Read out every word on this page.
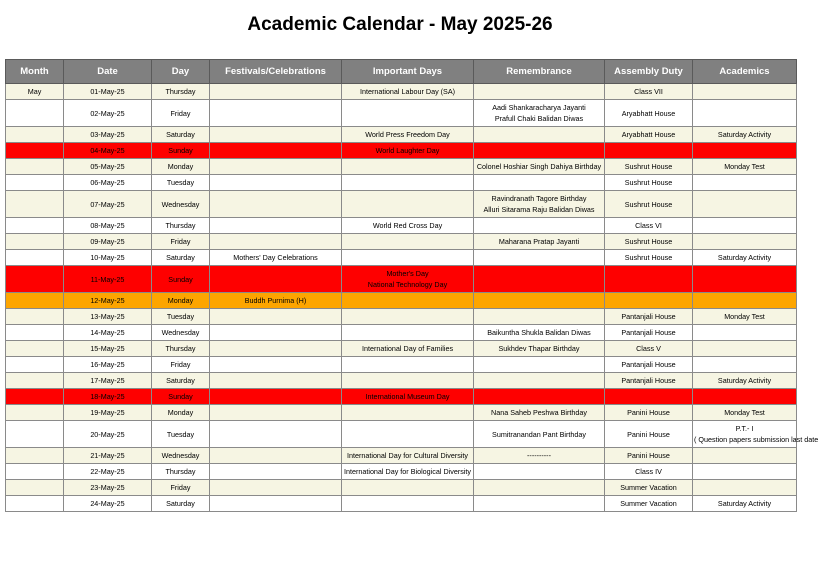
Academic Calendar - May 2025-26
Month	Date	Day	Festivals/Celebrations	Important Days	Remembrance	Assembly Duty	Academics
May	01-May-25	Thursday		International Labour Day (SA)		Class VII	
	02-May-25	Friday			Aadi Shankaracharya Jayanti
Prafull Chaki Balidan Diwas	Aryabhatt House	
	03-May-25	Saturday		World Press Freedom Day		Aryabhatt House	Saturday Activity

	04-May-25	Sunday		World Laughter Day			

	05-May-25	Monday			Colonel Hoshiar Singh Dahiya Birthday	Sushrut House	Monday Test

	06-May-25	Tuesday				Sushrut House	
	07-May-25	Wednesday			Ravindranath Tagore Birthday
Alluri Sitarama Raju Balidan Diwas	Sushrut House	
	08-May-25	Thursday		World Red Cross Day		Class VI	
	09-May-25	Friday			Maharana Pratap Jayanti	Sushrut House	
	10-May-25	Saturday	Mothers' Day Celebrations			Sushrut House	Saturday Activity

	11-May-25	Sunday		Mother's Day
National Technology Day			

	12-May-25	Monday	Buddh Purnima (H)				
	13-May-25	Tuesday				Pantanjali House	Monday Test

	14-May-25	Wednesday			Baikuntha Shukla Balidan Diwas	Pantanjali House	
	15-May-25	Thursday		International Day of Families	Sukhdev Thapar Birthday	Class V	
	16-May-25	Friday				Pantanjali House	
	17-May-25	Saturday				Pantanjali House	Saturday Activity

	18-May-25	Sunday		International Museum Day			

	19-May-25	Monday			Nana Saheb Peshwa Birthday	Panini House	Monday Test

	20-May-25	Tuesday			Sumitranandan Pant Birthday	Panini House	P.T.- I
( Question papers submission last date

	21-May-25	Wednesday		International Day for Cultural Diversity	----------	Panini House	
	22-May-25	Thursday		International Day for Biological Diversity		Class IV	
	23-May-25	Friday				Summer Vacation	
	24-May-25	Saturday				Summer Vacation	Saturday Activity
